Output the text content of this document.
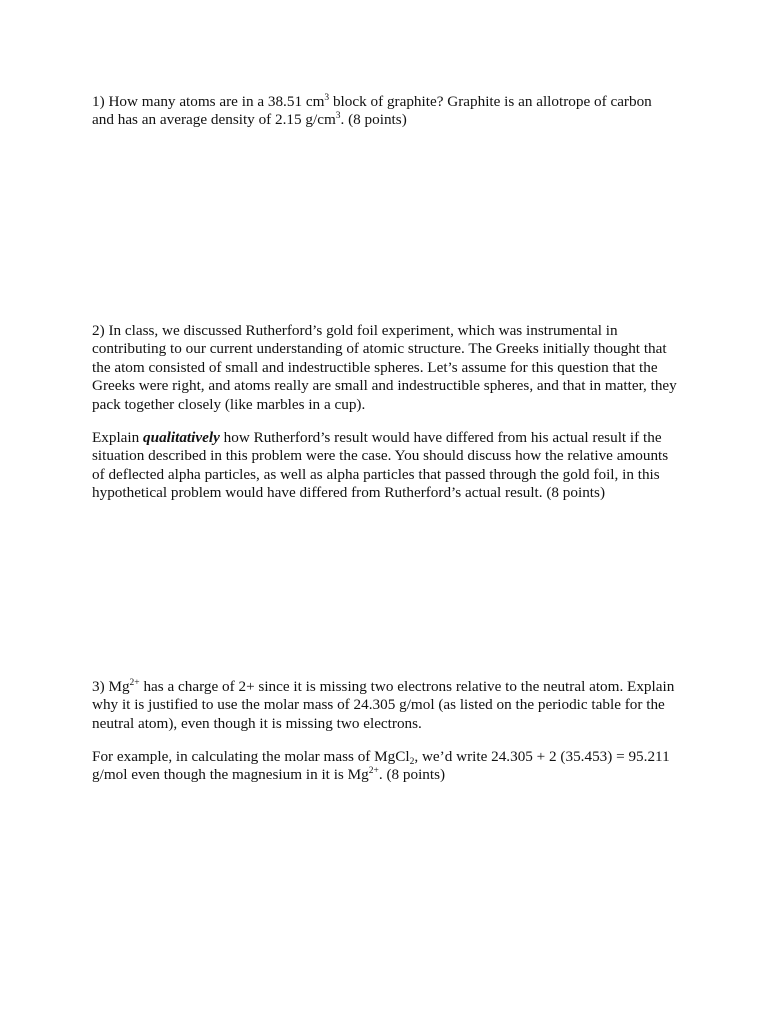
1) How many atoms are in a 38.51 $cm^3$ block of graphite? Graphite is an allotrope of carbon

and has an average density of 2.15 $g/cm^3$. (8 points)

2) In class, we discussed Rutherford’s gold foil experiment, which was instrumental in

contributing to our current understanding of atomic structure. The Greeks initially thought that

the atom consisted of small and indestructible spheres. Let’s assume for this question that the

Greeks were right, and atoms really are small and indestructible spheres, and that in matter, they

pack together closely (like marbles in a cup).

Explain qualitatively how Rutherford’s result would have differed from his actual result if the

situation described in this problem were the case. You should discuss how the relative amounts

of deflected alpha particles, as well as alpha particles that passed through the gold foil, in this

hypothetical problem would have differed from Rutherford’s actual result. (8 points)

3) $Mg^{2+}$ has a charge of 2+ since it is missing two electrons relative to the neutral atom. Explain

why it is justified to use the molar mass of 24.305 g/mol (as listed on the periodic table for the

neutral atom), even though it is missing two electrons.

For example, in calculating the molar mass of MgCl$_2$, we’d write 24.305 + 2 (35.453) = 95.211

g/mol even though the magnesium in it is $Mg^{2+}$. (8 points)
